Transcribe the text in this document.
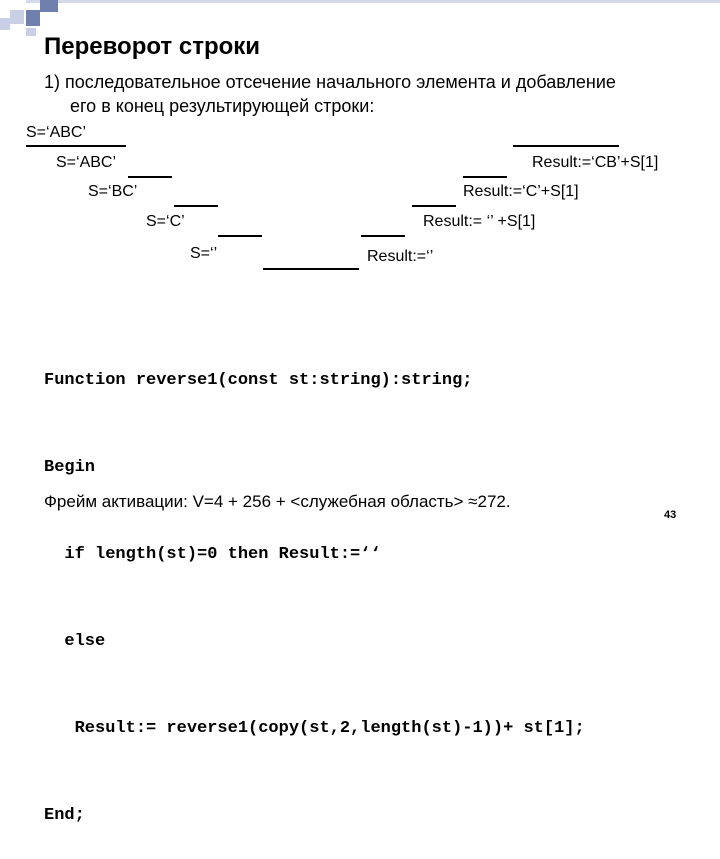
Переворот строки
1) последовательное отсечение начального элемента и добавление
его в конец результирующей строки:
S=‘ABC’
S=‘ABC’
S=‘BC’
S=‘C’
S=‘’
Result:=‘CB’+S[1]
Result:=‘C’+S[1]
Result:= ‘’ +S[1]
Result:=‘’

Function reverse1(const st:string):string;

Begin

if length(st)=0 then Result:=‘‘

else

Result:= reverse1(copy(st,2,length(st)-1))+ st[1];

End;

Фрейм активации: V=4 + 256 + <служебная область> ≈272.
43
